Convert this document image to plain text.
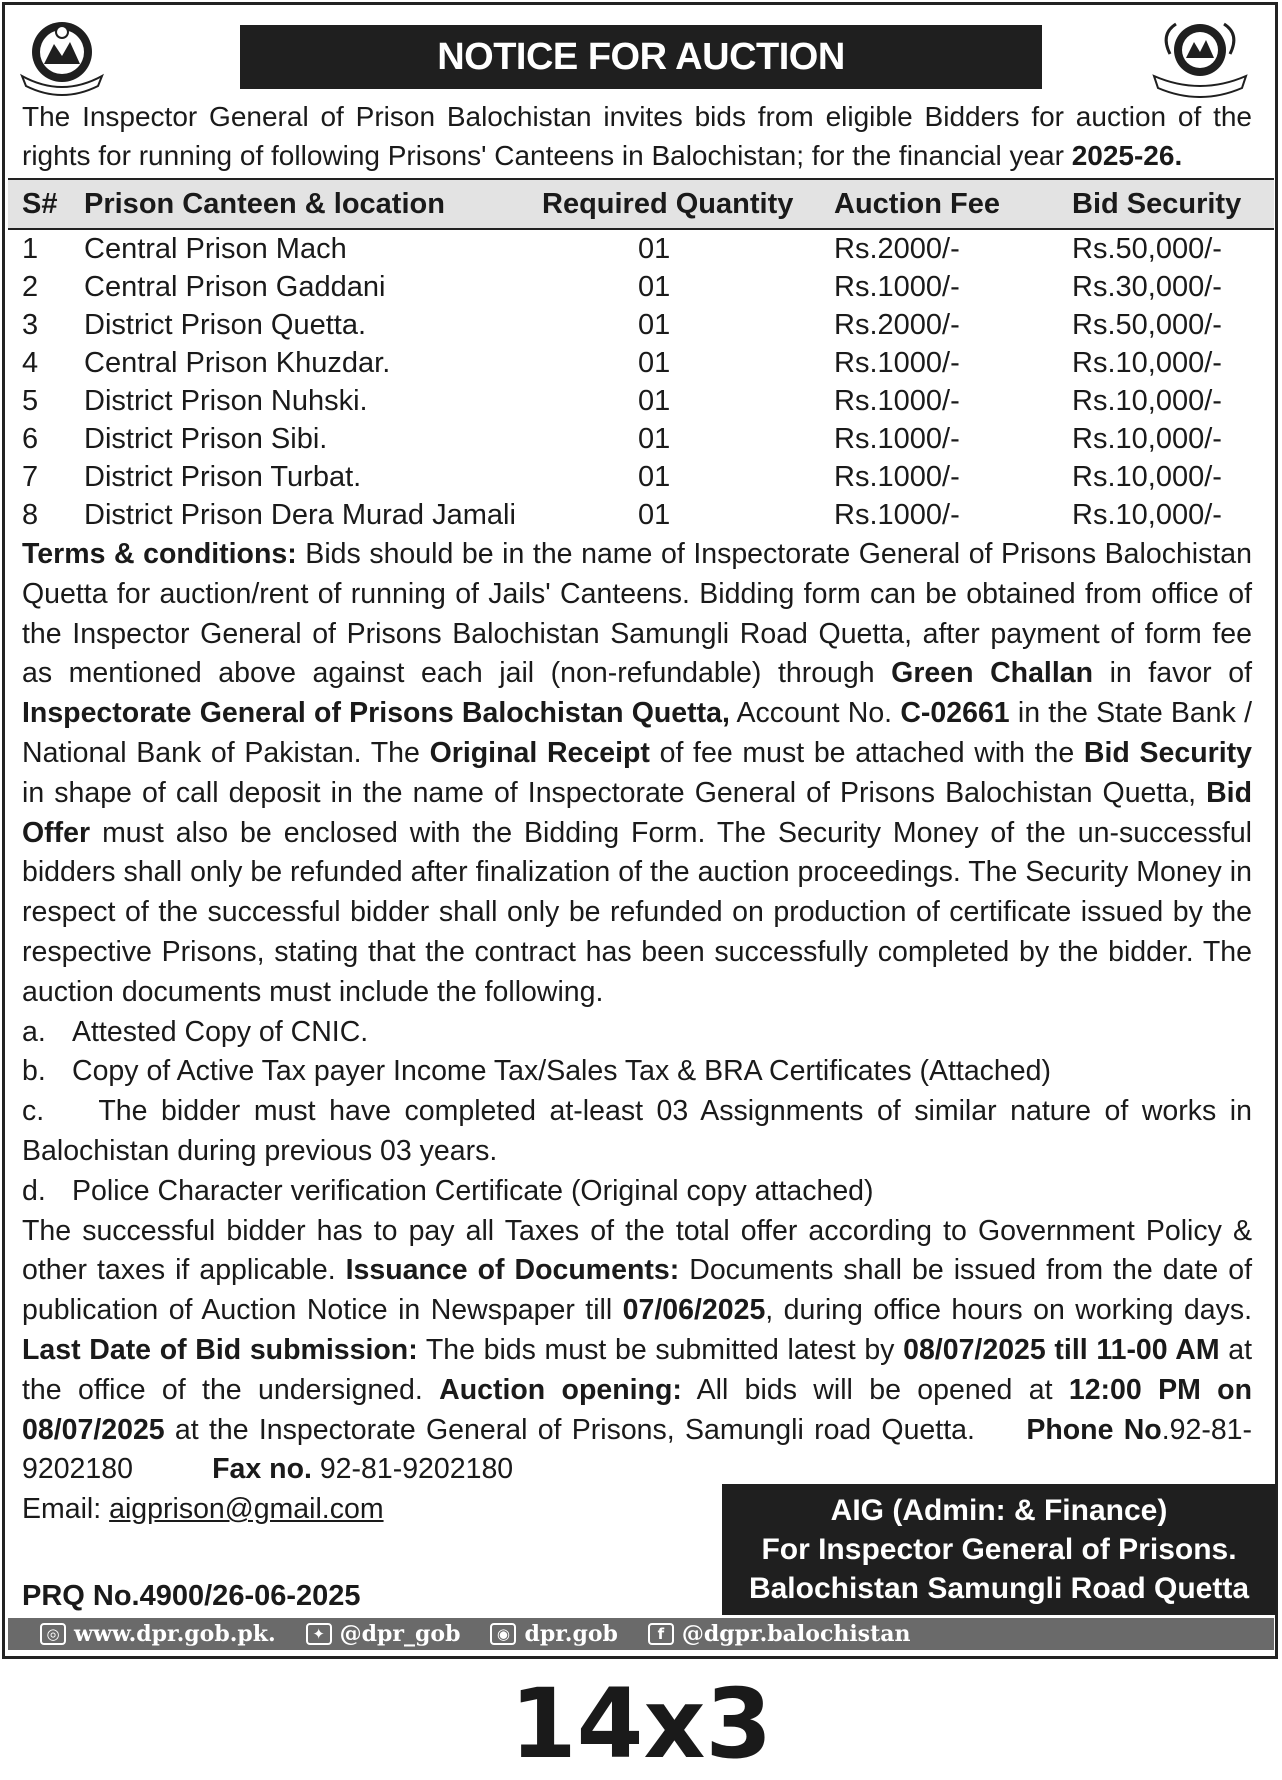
NOTICE FOR AUCTION
The Inspector General of Prison Balochistan invites bids from eligible Bidders for auction of the rights for running of following Prisons' Canteens in Balochistan; for the financial year 2025-26.
S#	Prison Canteen & location	Required Quantity	Auction Fee	Bid Security
1	Central Prison Mach	01	Rs.2000/-	Rs.50,000/-
2	Central Prison Gaddani	01	Rs.1000/-	Rs.30,000/-
3	District Prison Quetta.	01	Rs.2000/-	Rs.50,000/-
4	Central Prison Khuzdar.	01	Rs.1000/-	Rs.10,000/-
5	District Prison Nuhski.	01	Rs.1000/-	Rs.10,000/-
6	District Prison Sibi.	01	Rs.1000/-	Rs.10,000/-
7	District Prison Turbat.	01	Rs.1000/-	Rs.10,000/-
8	District Prison Dera Murad Jamali	01	Rs.1000/-	Rs.10,000/-

Terms & conditions: Bids should be in the name of Inspectorate General of Prisons Balochistan Quetta for auction/rent of running of Jails' Canteens. Bidding form can be obtained from office of the Inspector General of Prisons Balochistan Samungli Road Quetta, after payment of form fee as mentioned above against each jail (non-refundable) through Green Challan in favor of Inspectorate General of Prisons Balochistan Quetta, Account No. C-02661 in the State Bank / National Bank of Pakistan. The Original Receipt of fee must be attached with the Bid Security in shape of call deposit in the name of Inspectorate General of Prisons Balochistan Quetta, Bid Offer must also be enclosed with the Bidding Form. The Security Money of the un-successful bidders shall only be refunded after finalization of the auction proceedings. The Security Money in respect of the successful bidder shall only be refunded on production of certificate issued by the respective Prisons, stating that the contract has been successfully completed by the bidder. The auction documents must include the following.

a. Attested Copy of CNIC.
b. Copy of Active Tax payer Income Tax/Sales Tax & BRA Certificates (Attached)

c. The bidder must have completed at-least 03 Assignments of similar nature of works in Balochistan during previous 03 years.

d. Police Character verification Certificate (Original copy attached)

The successful bidder has to pay all Taxes of the total offer according to Government Policy & other taxes if applicable. Issuance of Documents: Documents shall be issued from the date of publication of Auction Notice in Newspaper till 07/06/2025, during office hours on working days. Last Date of Bid submission: The bids must be submitted latest by 08/07/2025 till 11-00 AM at the office of the undersigned. Auction opening: All bids will be opened at 12:00 PM on 08/07/2025 at the Inspectorate General of Prisons, Samungli road Quetta. Phone No.92-81-9202180	Fax no. 92-81-9202180

Email: aigprison@gmail.com	AIG (Admin: & Finance)
For Inspector General of Prisons.
Balochistan Samungli Road Quetta
PRQ No.4900/26-06-2025
◎ www.dpr.gob.pk.	✦ @dpr_gob	◉ dpr.gob	f @dgpr.balochistan
14x3
